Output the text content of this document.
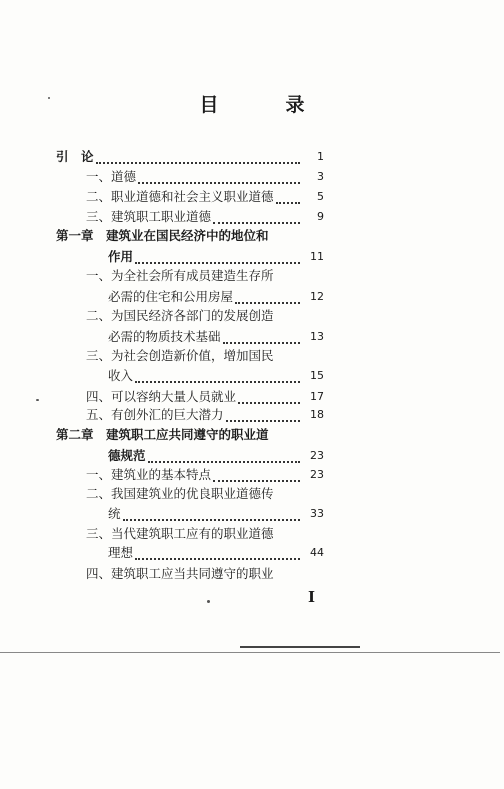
目　录
引　论	1
一、道德	3
二、职业道德和社会主义职业道德	5
三、建筑职工职业道德	9
第一章　建筑业在国民经济中的地位和
作用	11
一、为全社会所有成员建造生存所
必需的住宅和公用房屋	12
二、为国民经济各部门的发展创造
必需的物质技术基础	13
三、为社会创造新价值，增加国民
收入	15
四、可以容纳大量人员就业	17
五、有创外汇的巨大潜力	18
第二章　建筑职工应共同遵守的职业道
德规范	23
一、建筑业的基本特点	23
二、我国建筑业的优良职业道德传
统	33
三、当代建筑职工应有的职业道德
理想	44
四、建筑职工应当共同遵守的职业
I
